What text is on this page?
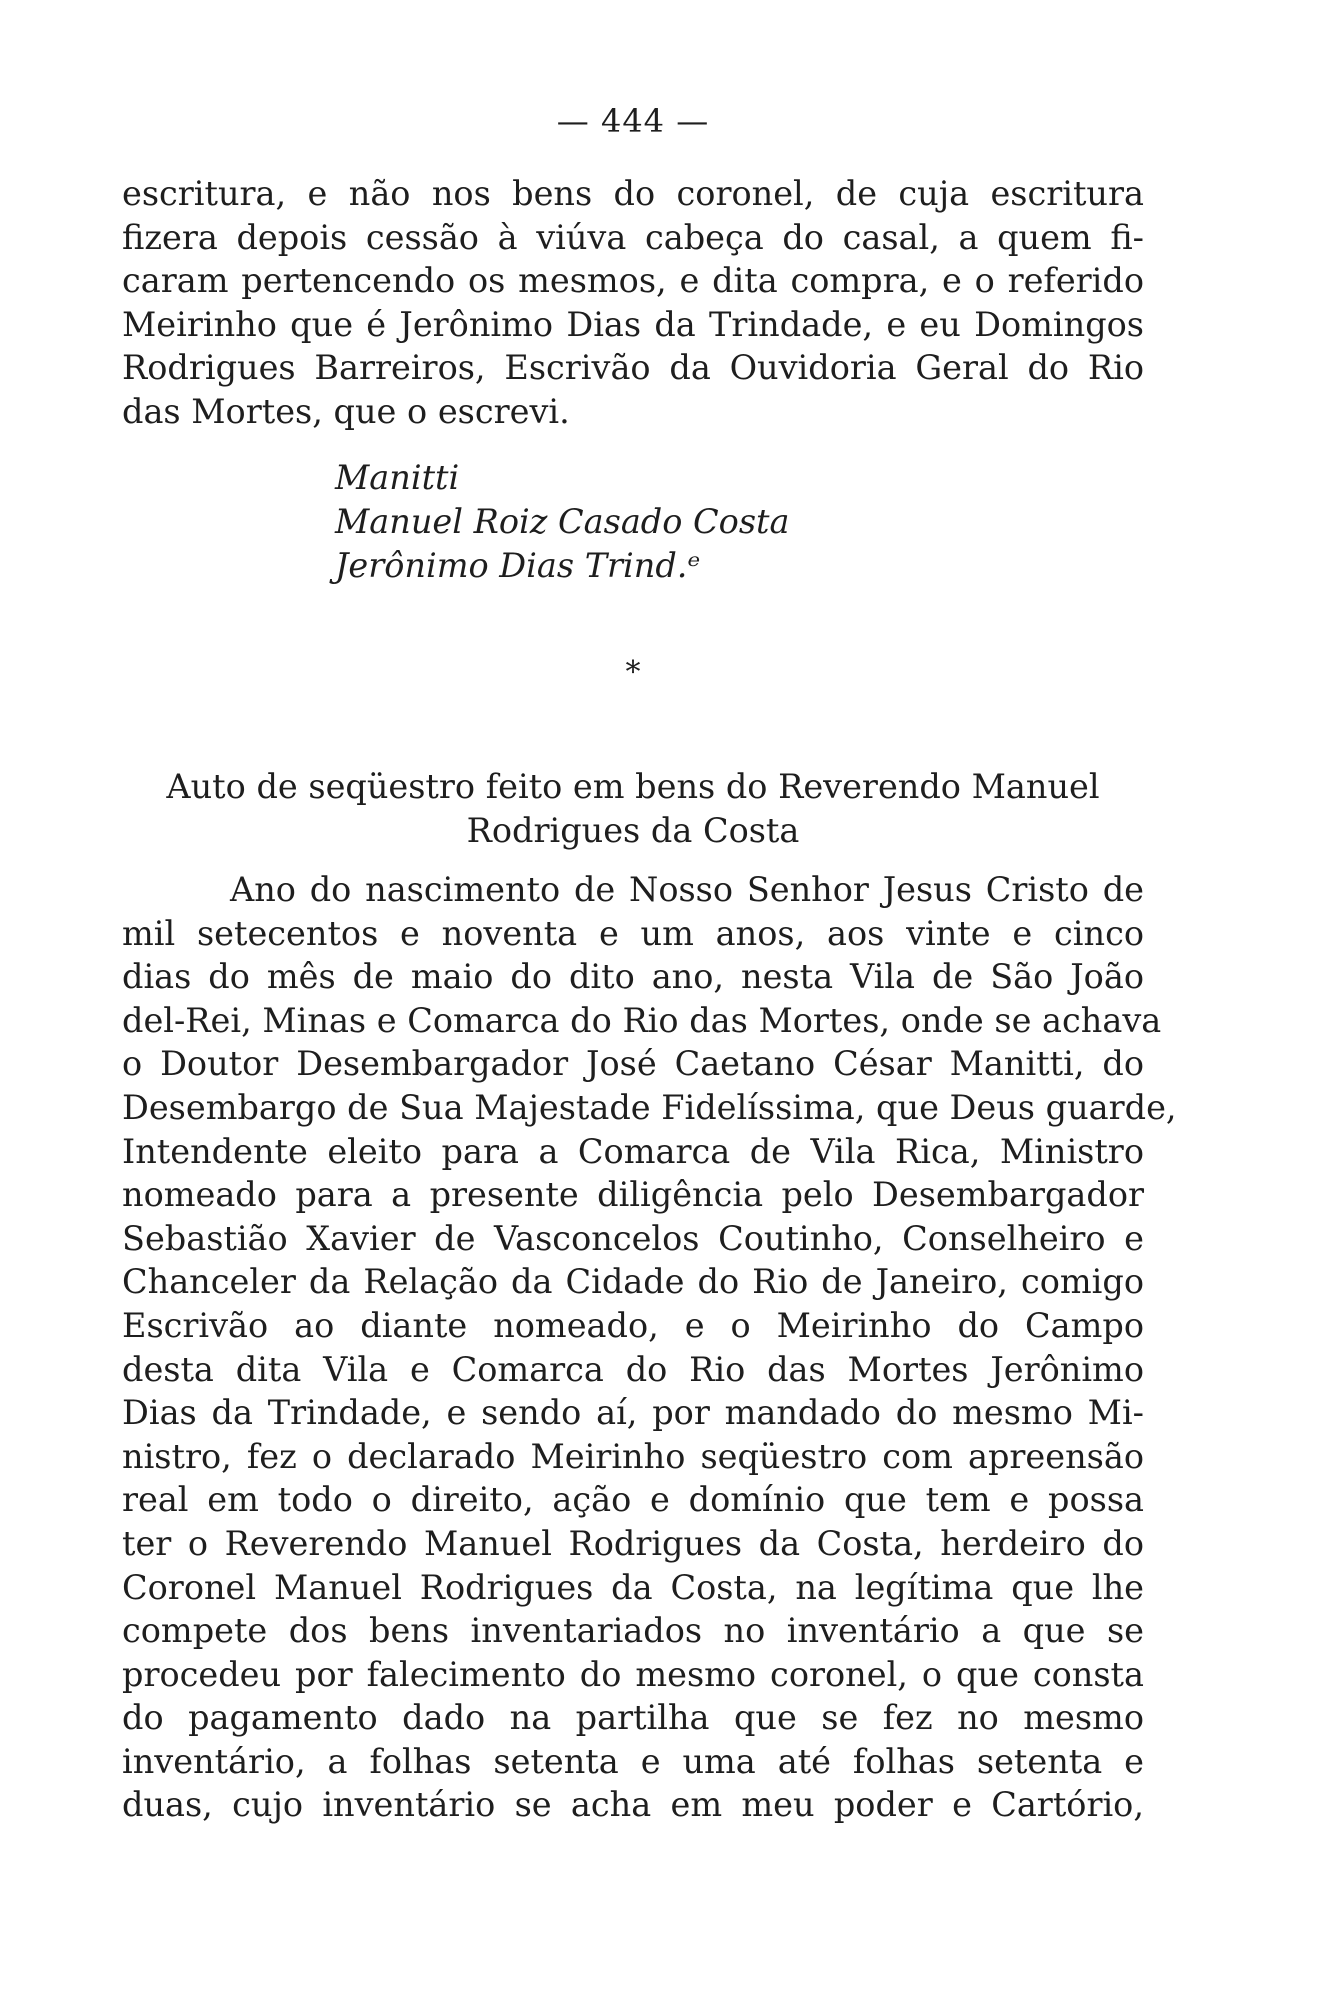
— 444 —
escritura, e não nos bens do coronel, de cuja escritura
fizera depois cessão à viúva cabeça do casal, a quem fi-
caram pertencendo os mesmos, e dita compra, e o referido
Meirinho que é Jerônimo Dias da Trindade, e eu Domingos
Rodrigues Barreiros, Escrivão da Ouvidoria Geral do Rio
das Mortes, que o escrevi.
Manitti
Manuel Roiz Casado Costa
Jerônimo Dias Trind.ᵉ
*
Auto de seqüestro feito em bens do Reverendo Manuel
Rodrigues da Costa
Ano do nascimento de Nosso Senhor Jesus Cristo de
mil setecentos e noventa e um anos, aos vinte e cinco
dias do mês de maio do dito ano, nesta Vila de São João
del-Rei, Minas e Comarca do Rio das Mortes, onde se achava
o Doutor Desembargador José Caetano César Manitti, do
Desembargo de Sua Majestade Fidelíssima, que Deus guarde,
Intendente eleito para a Comarca de Vila Rica, Ministro
nomeado para a presente diligência pelo Desembargador
Sebastião Xavier de Vasconcelos Coutinho, Conselheiro e
Chanceler da Relação da Cidade do Rio de Janeiro, comigo
Escrivão ao diante nomeado, e o Meirinho do Campo
desta dita Vila e Comarca do Rio das Mortes Jerônimo
Dias da Trindade, e sendo aí, por mandado do mesmo Mi-
nistro, fez o declarado Meirinho seqüestro com apreensão
real em todo o direito, ação e domínio que tem e possa
ter o Reverendo Manuel Rodrigues da Costa, herdeiro do
Coronel Manuel Rodrigues da Costa, na legítima que lhe
compete dos bens inventariados no inventário a que se
procedeu por falecimento do mesmo coronel, o que consta
do pagamento dado na partilha que se fez no mesmo
inventário, a folhas setenta e uma até folhas setenta e
duas, cujo inventário se acha em meu poder e Cartório,
